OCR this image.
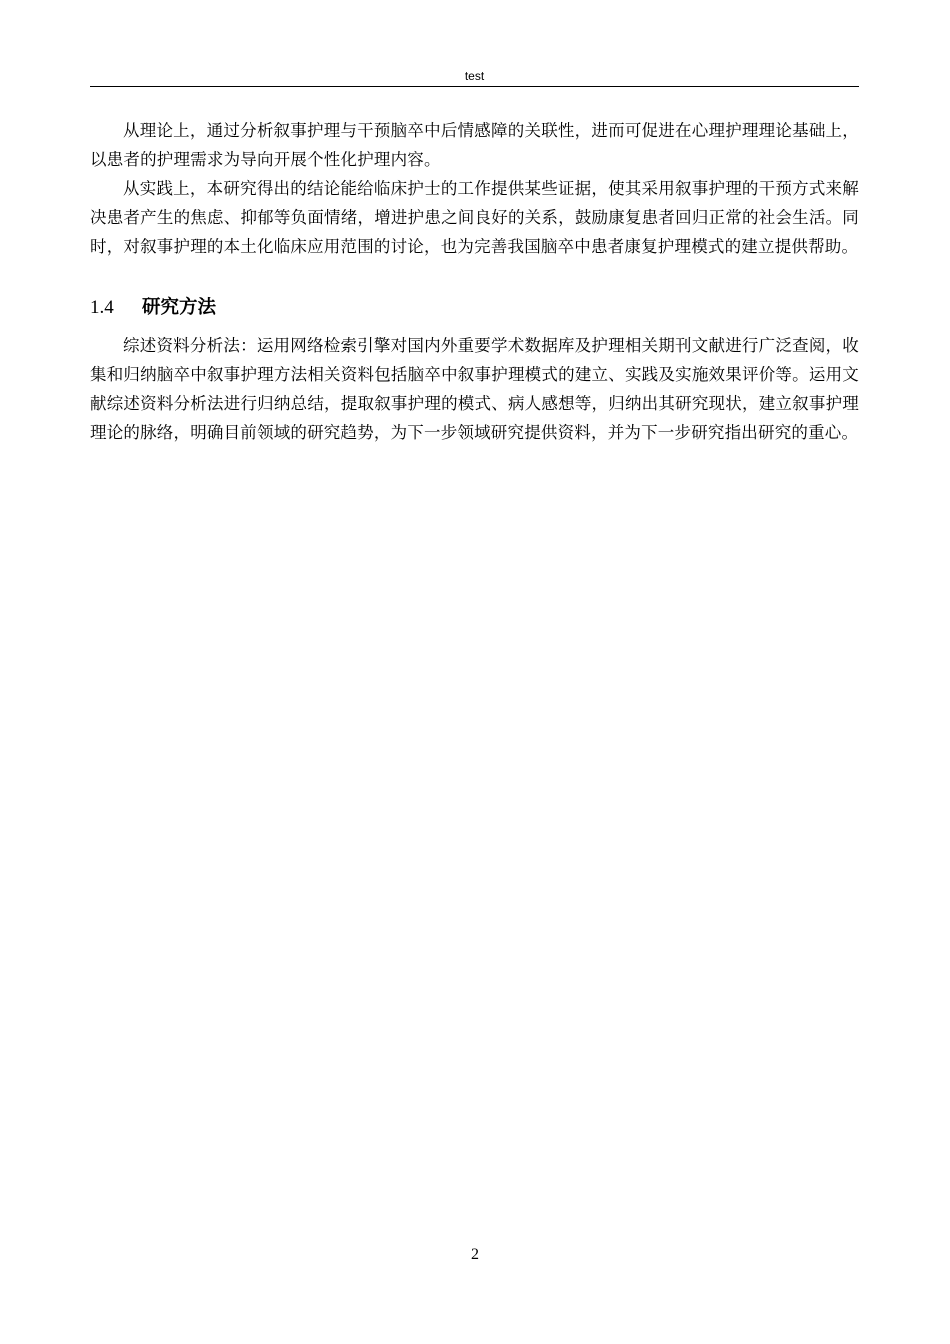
test

从理论上，通过分析叙事护理与干预脑卒中后情感障的关联性，进而可促进在心理护理理论基础上，以患者的护理需求为导向开展个性化护理内容。

从实践上，本研究得出的结论能给临床护士的工作提供某些证据，使其采用叙事护理的干预方式来解决患者产生的焦虑、抑郁等负面情绪，增进护患之间良好的关系，鼓励康复患者回归正常的社会生活。同时，对叙事护理的本土化临床应用范围的讨论，也为完善我国脑卒中患者康复护理模式的建立提供帮助。

1.4	研究方法

综述资料分析法：运用网络检索引擎对国内外重要学术数据库及护理相关期刊文献进行广泛查阅，收集和归纳脑卒中叙事护理方法相关资料包括脑卒中叙事护理模式的建立、实践及实施效果评价等。运用文献综述资料分析法进行归纳总结，提取叙事护理的模式、病人感想等，归纳出其研究现状，建立叙事护理理论的脉络，明确目前领域的研究趋势，为下一步领域研究提供资料，并为下一步研究指出研究的重心。

2
